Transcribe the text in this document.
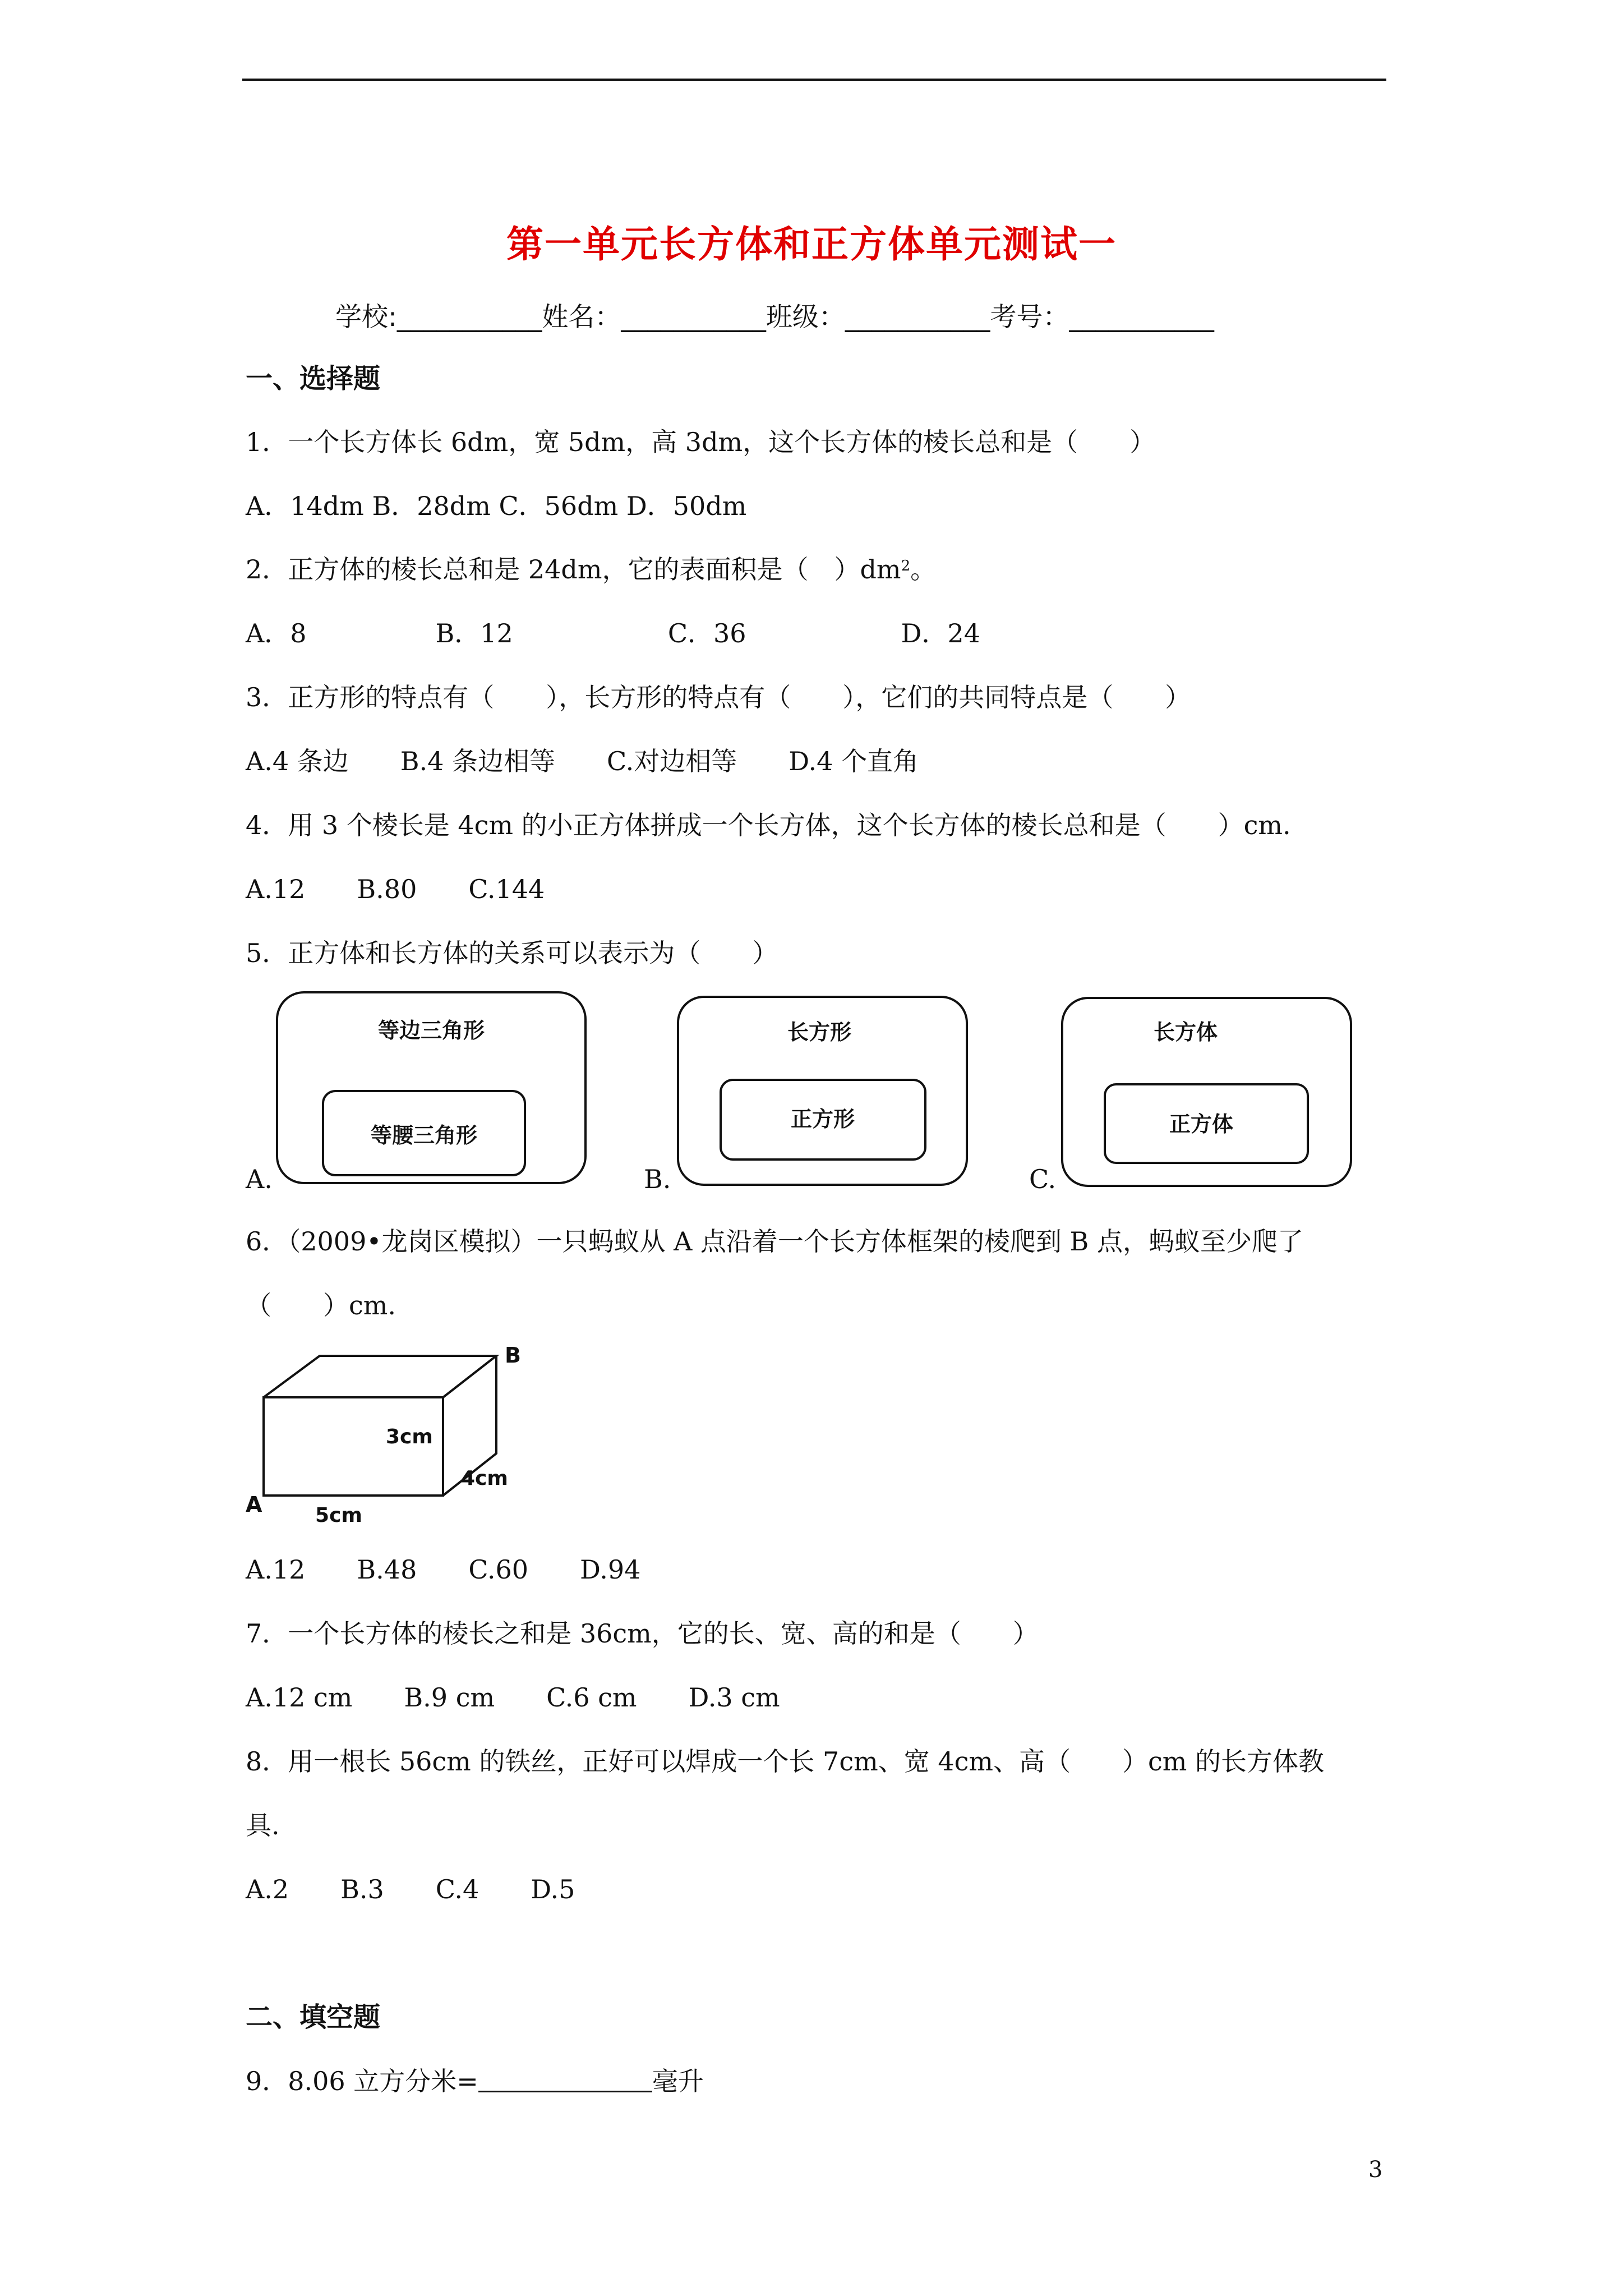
第一单元长方体和正方体单元测试一
学校:___________姓名：___________班级：___________考号：___________
一、选择题
1．一个长方体长 6dm，宽 5dm，高 3dm，这个长方体的棱长总和是（　　）
A．14dm B．28dm C．56dm D．50dm
2．正方体的棱长总和是 24dm，它的表面积是（　）$dm^2$。
A．8　　　　　B．12　　　　　　C．36　　　　　　D．24
3．正方形的特点有（　　），长方形的特点有（　　），它们的共同特点是（　　）
A.4 条边　　B.4 条边相等　　C.对边相等　　D.4 个直角
4．用 3 个棱长是 4cm 的小正方体拼成一个长方体，这个长方体的棱长总和是（　　）cm.
A.12　　B.80　　C.144
5．正方体和长方体的关系可以表示为（　　）
A.
等边三角形
等腰三角形
B.
长方形
正方形
C.
长方体
正方体
6．（2009•龙岗区模拟）一只蚂蚁从 A 点沿着一个长方体框架的棱爬到 B 点，蚂蚁至少爬了
（　　）cm.
B
A
3cm
4cm
5cm
A.12　　B.48　　C.60　　D.94
7．一个长方体的棱长之和是 36cm，它的长、宽、高的和是（　　）
A.12 cm　　B.9 cm　　C.6 cm　　D.3 cm
8．用一根长 56cm 的铁丝，正好可以焊成一个长 7cm、宽 4cm、高（　　）cm 的长方体教
具.
A.2　　B.3　　C.4　　D.5
二、填空题
9．8.06 立方分米=	毫升
3
